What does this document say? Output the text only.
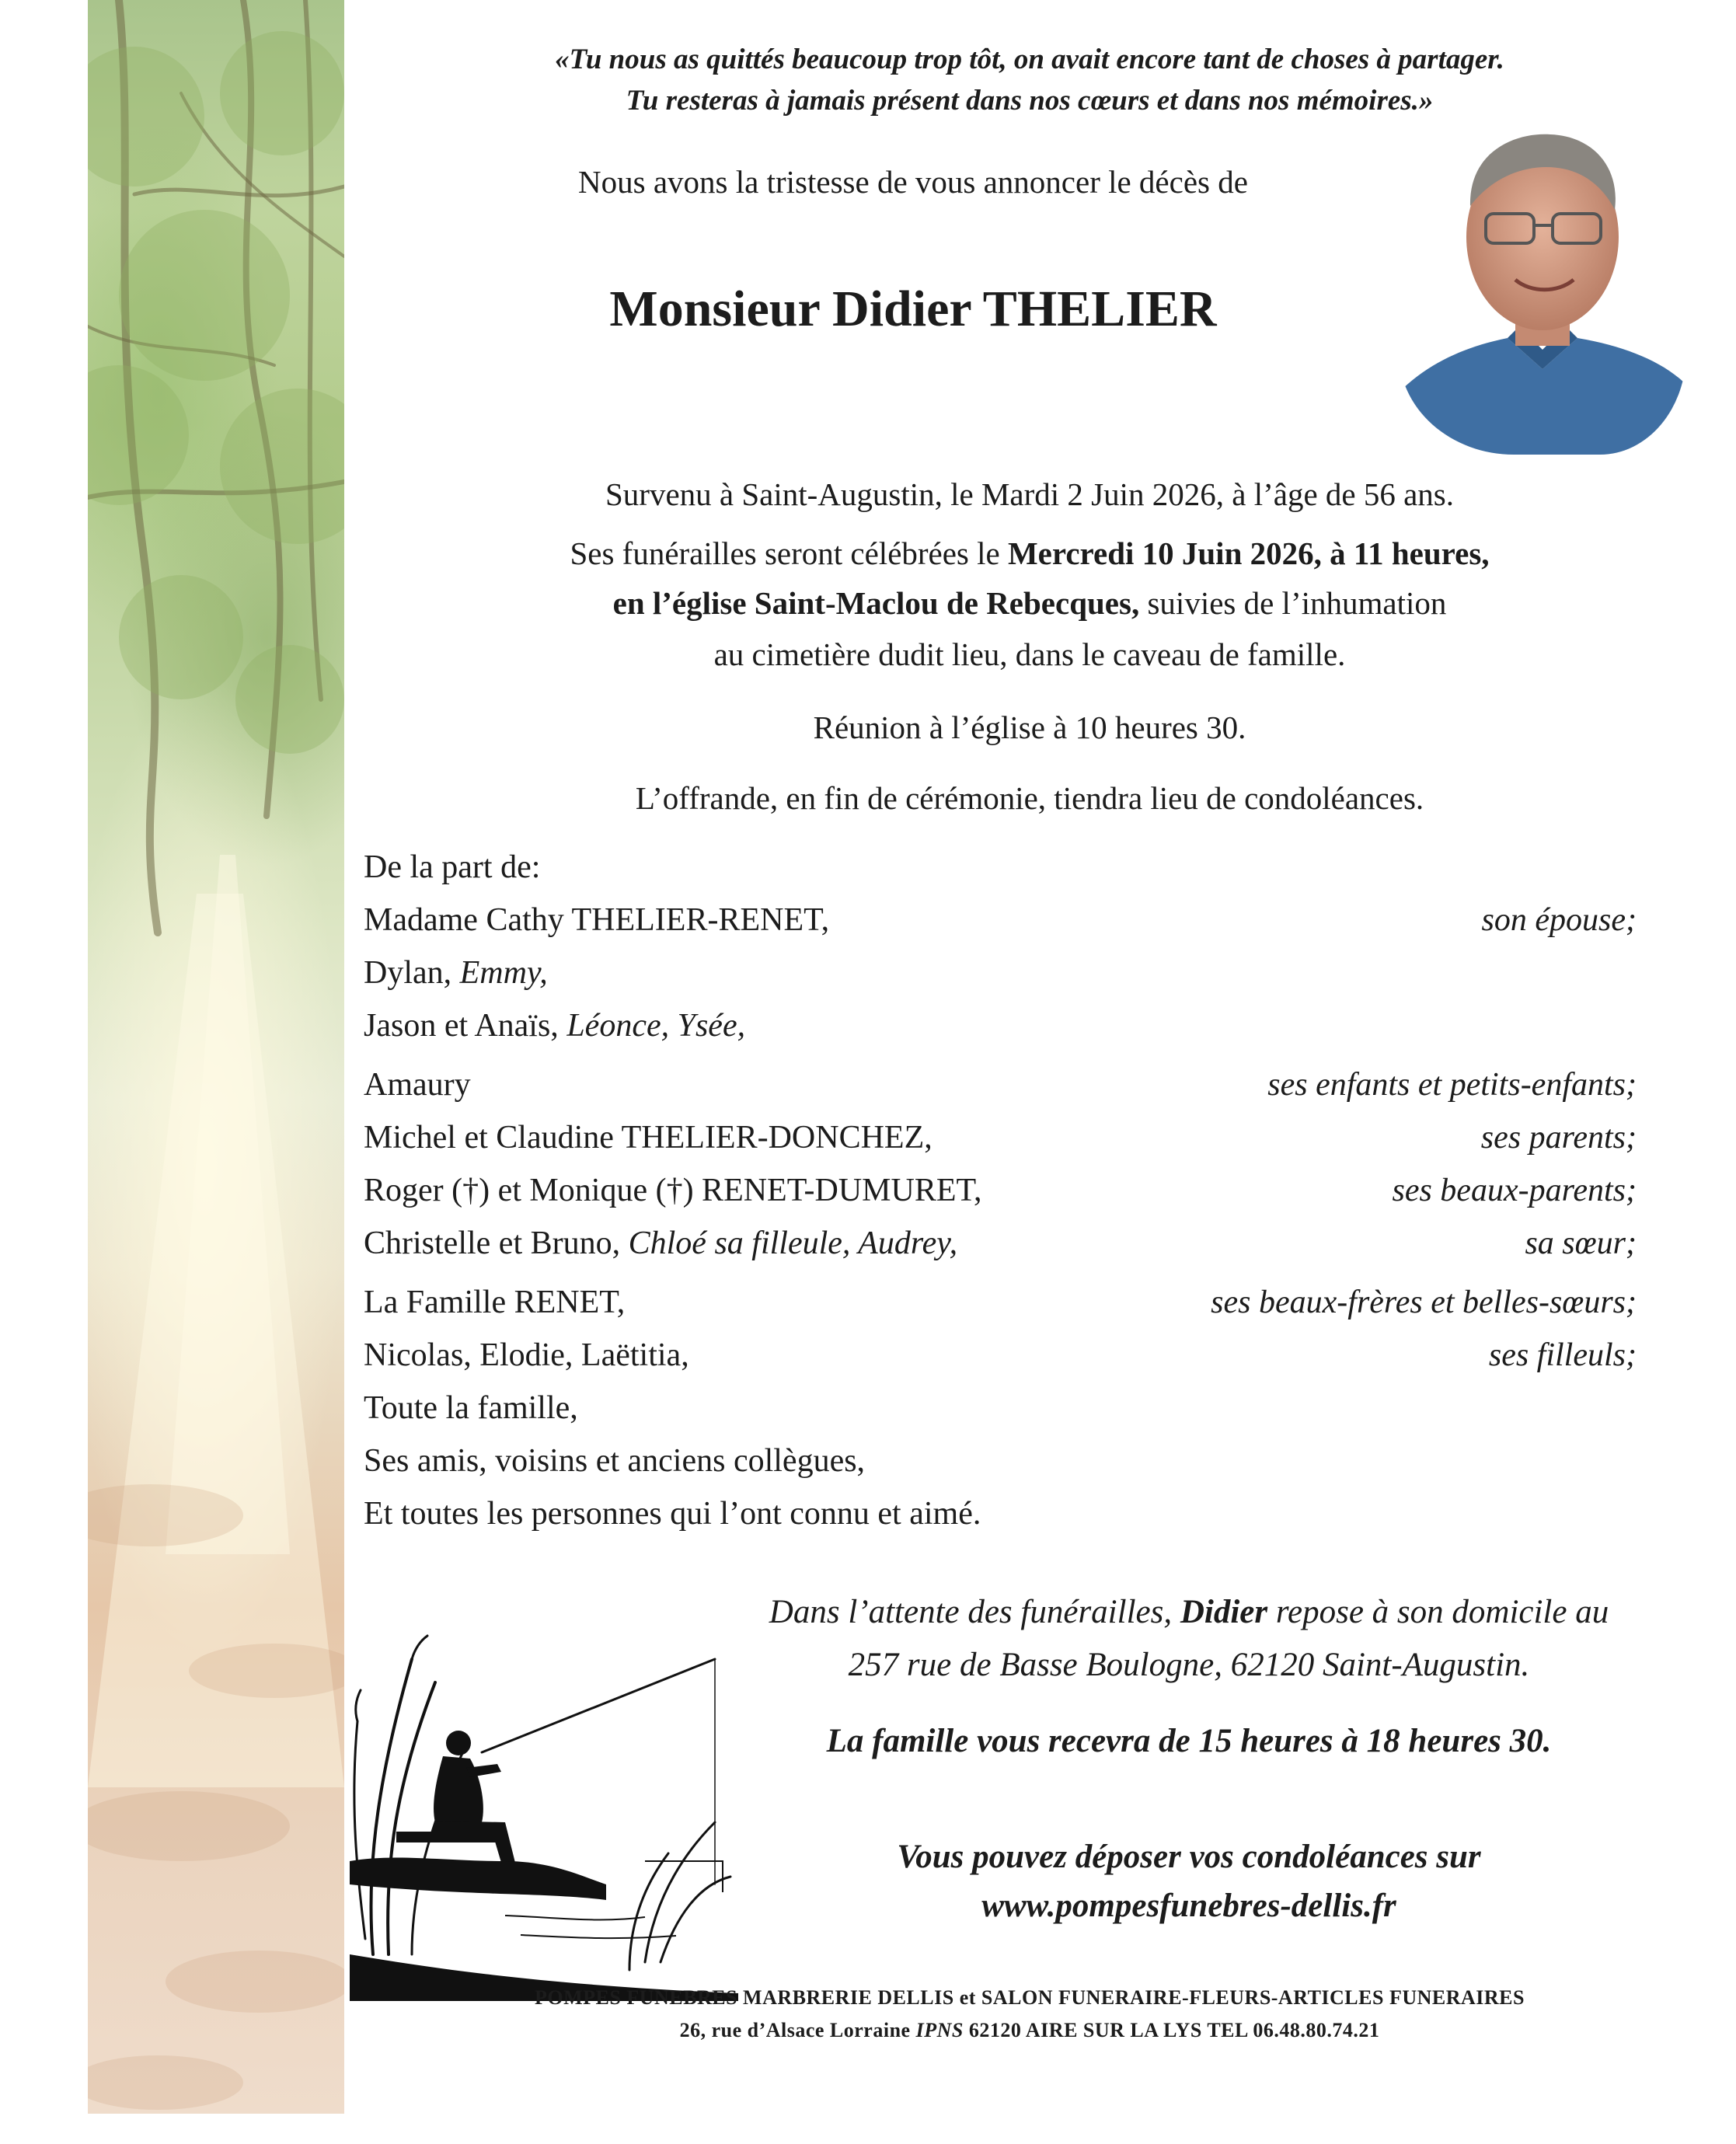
«Tu nous as quittés beaucoup trop tôt, on avait encore tant de choses à partager.
Tu resteras à jamais présent dans nos cœurs et dans nos mémoires.»
Nous avons la tristesse de vous annoncer le décès de
Monsieur Didier THELIER
Survenu à Saint-Augustin, le Mardi 2 Juin 2026, à l’âge de 56 ans.
Ses funérailles seront célébrées le Mercredi 10 Juin 2026, à 11 heures,
en l’église Saint-Maclou de Rebecques, suivies de l’inhumation
au cimetière dudit lieu, dans le caveau de famille.
Réunion à l’église à 10 heures 30.
L’offrande, en fin de cérémonie, tiendra lieu de condoléances.
De la part de:
Madame Cathy THELIER-RENET,	son épouse;
Dylan, Emmy,
Jason et Anaïs, Léonce, Ysée,
Amaury	ses enfants et petits-enfants;
Michel et Claudine THELIER-DONCHEZ,	ses parents;
Roger (†) et Monique (†) RENET-DUMURET,	ses beaux-parents;
Christelle et Bruno, Chloé sa filleule, Audrey,	sa sœur;
La Famille RENET,	ses beaux-frères et belles-sœurs;
Nicolas, Elodie, Laëtitia,	ses filleuls;
Toute la famille,
Ses amis, voisins et anciens collègues,
Et toutes les personnes qui l’ont connu et aimé.
Dans l’attente des funérailles, Didier repose à son domicile au
257 rue de Basse Boulogne, 62120 Saint-Augustin.
La famille vous recevra de 15 heures à 18 heures 30.
Vous pouvez déposer vos condoléances sur
www.pompesfunebres-dellis.fr
POMPES FUNEBRES MARBRERIE DELLIS et SALON FUNERAIRE-FLEURS-ARTICLES FUNERAIRES
26, rue d’Alsace Lorraine IPNS 62120 AIRE SUR LA LYS TEL 06.48.80.74.21
